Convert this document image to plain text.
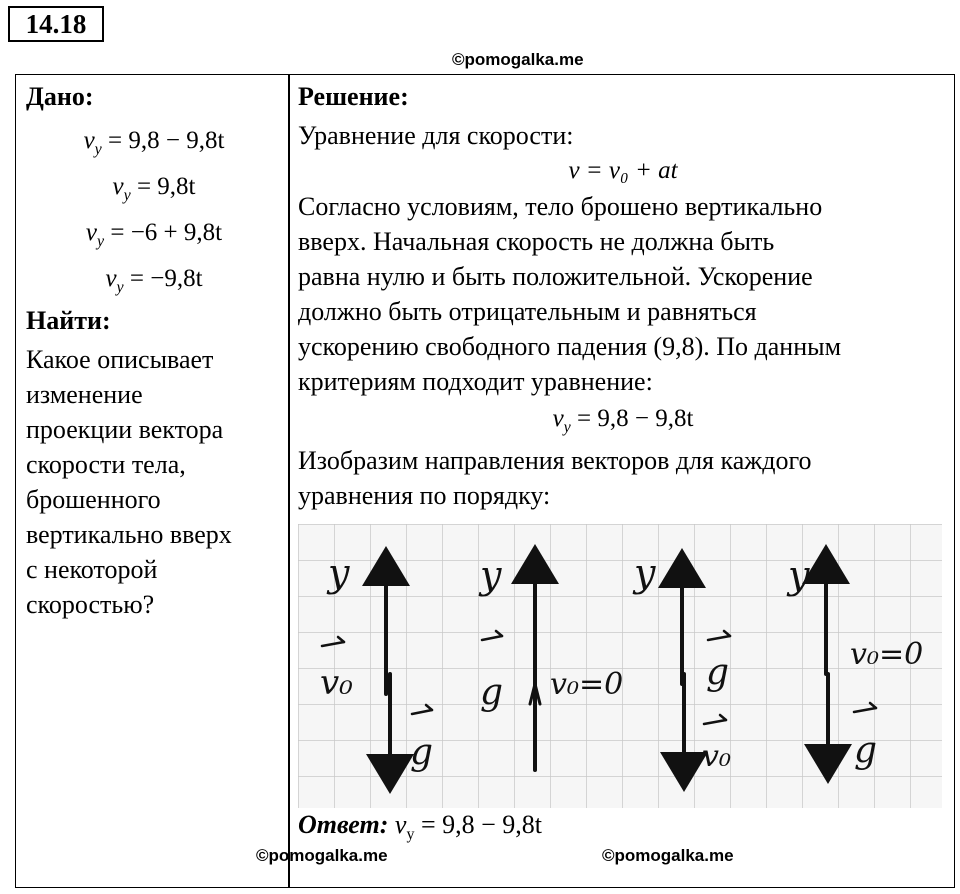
14.18
©pomogalka.me
Дано:
$v_y = 9,8 - 9,8t$
$v_y = 9,8t$
$v_y = -6 + 9,8t$
$v_y = -9,8t$
Найти:
Какое описывает
изменение
проекции вектора
скорости тела,
брошенного
вертикально вверх
с некоторой
скоростью?
Решение:
Уравнение для скорости:
v = v₀ + at
Согласно условиям, тело брошено вертикально
вверх. Начальная скорость не должна быть
равна нулю и быть положительной. Ускорение
должно быть отрицательным и равняться
ускорению свободного падения (9,8). По данным
критериям подходит уравнение:
$v_y = 9,8 - 9,8t$
Изобразим направления векторов для каждого
уравнения по порядку:
y
v₀
g
y
g v₀=0
y
g
v₀
y
v₀=0
g
Ответ: $v_y = 9,8 - 9,8t$
©pomogalka.me	©pomogalka.me
